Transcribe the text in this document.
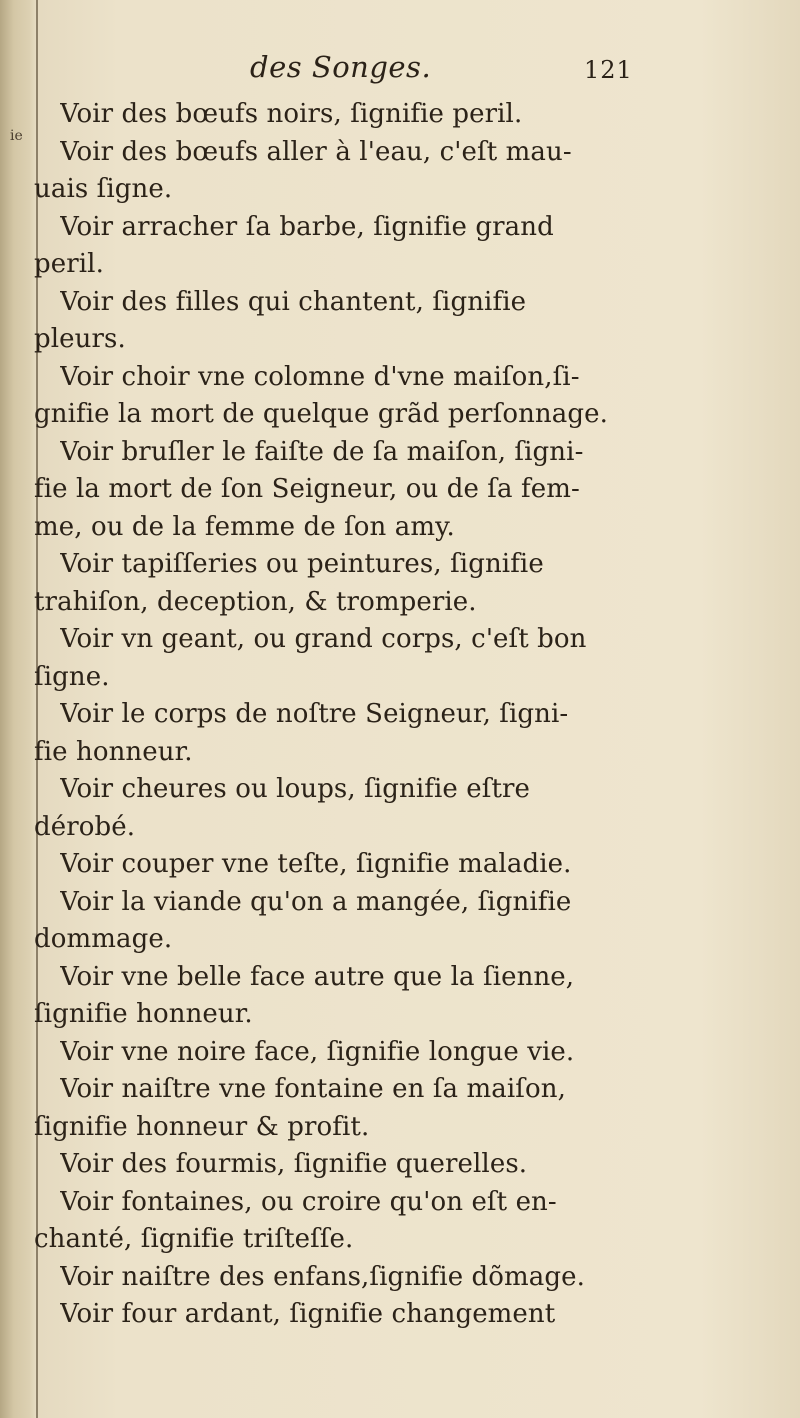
ie
des Songes.	121
Voir des bœufs noirs, ſignifie peril.
Voir des bœufs aller à l'eau, c'eſt mau-
uais ſigne.
Voir arracher ſa barbe, ſignifie grand
peril.
Voir des filles qui chantent, ſignifie
pleurs.
Voir choir vne colomne d'vne maiſon,ſi-
gnifie la mort de quelque grãd perſonnage.
Voir bruſler le faiſte de ſa maiſon, ſigni-
fie la mort de ſon Seigneur, ou de ſa fem-
me, ou de la femme de ſon amy.
Voir tapiſſeries ou peintures, ſignifie
trahiſon, deception, & tromperie.
Voir vn geant, ou grand corps, c'eſt bon
ſigne.
Voir le corps de noſtre Seigneur, ſigni-
fie honneur.
Voir cheures ou loups, ſignifie eſtre
dérobé.
Voir couper vne teſte, ſignifie maladie.
Voir la viande qu'on a mangée, ſignifie
dommage.
Voir vne belle face autre que la ſienne,
ſignifie honneur.
Voir vne noire face, ſignifie longue vie.
Voir naiſtre vne fontaine en ſa maiſon,
ſignifie honneur & profit.
Voir des fourmis, ſignifie querelles.
Voir fontaines, ou croire qu'on eſt en-
chanté, ſignifie triſteſſe.
Voir naiſtre des enfans,ſignifie dõmage.
Voir four ardant, ſignifie changement
